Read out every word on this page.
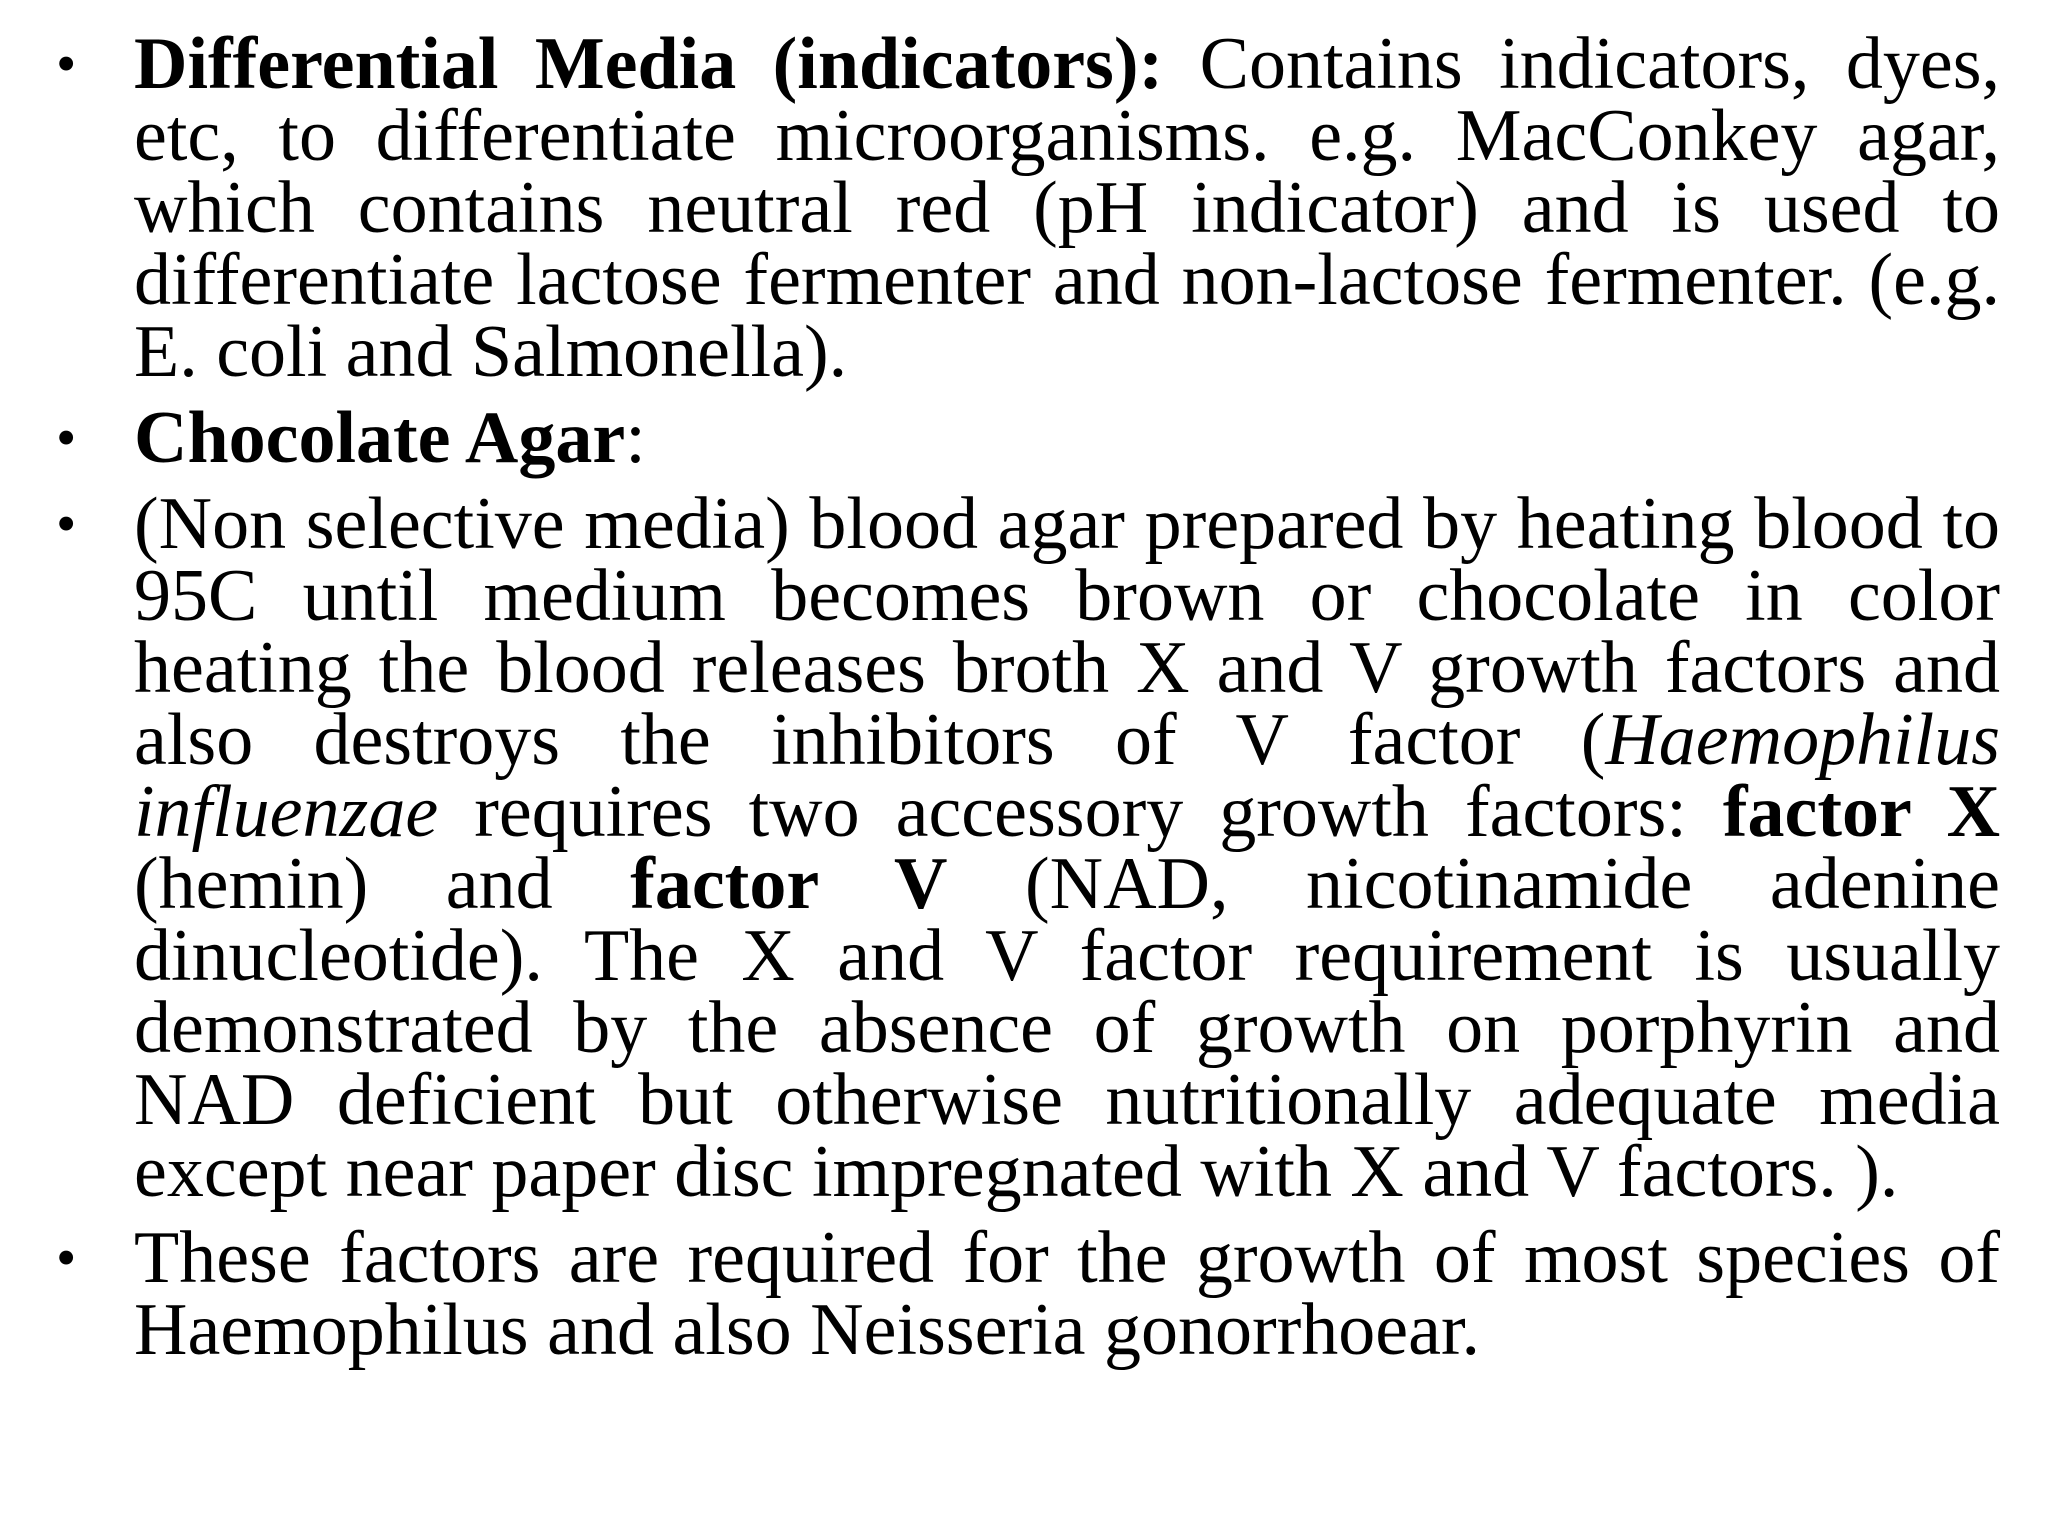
• Differential Media (indicators): Contains indicators, dyes, etc, to differentiate microorganisms. e.g. MacConkey agar, which contains neutral red (pH indicator) and is used to differentiate lactose fermenter and non-lactose fermenter. (e.g. E. coli and Salmonella).
• Chocolate Agar:
• (Non selective media) blood agar prepared by heating blood to 95C until medium becomes brown or chocolate in color heating the blood releases broth X and V growth factors and also destroys the inhibitors of V factor (Haemophilus influenzae requires two accessory growth factors: factor X (hemin) and factor V (NAD, nicotinamide adenine dinucleotide). The X and V factor requirement is usually demonstrated by the absence of growth on porphyrin and NAD deficient but otherwise nutritionally adequate media except near paper disc impregnated with X and V factors. ).
• These factors are required for the growth of most species of Haemophilus and also Neisseria gonorrhoear.
